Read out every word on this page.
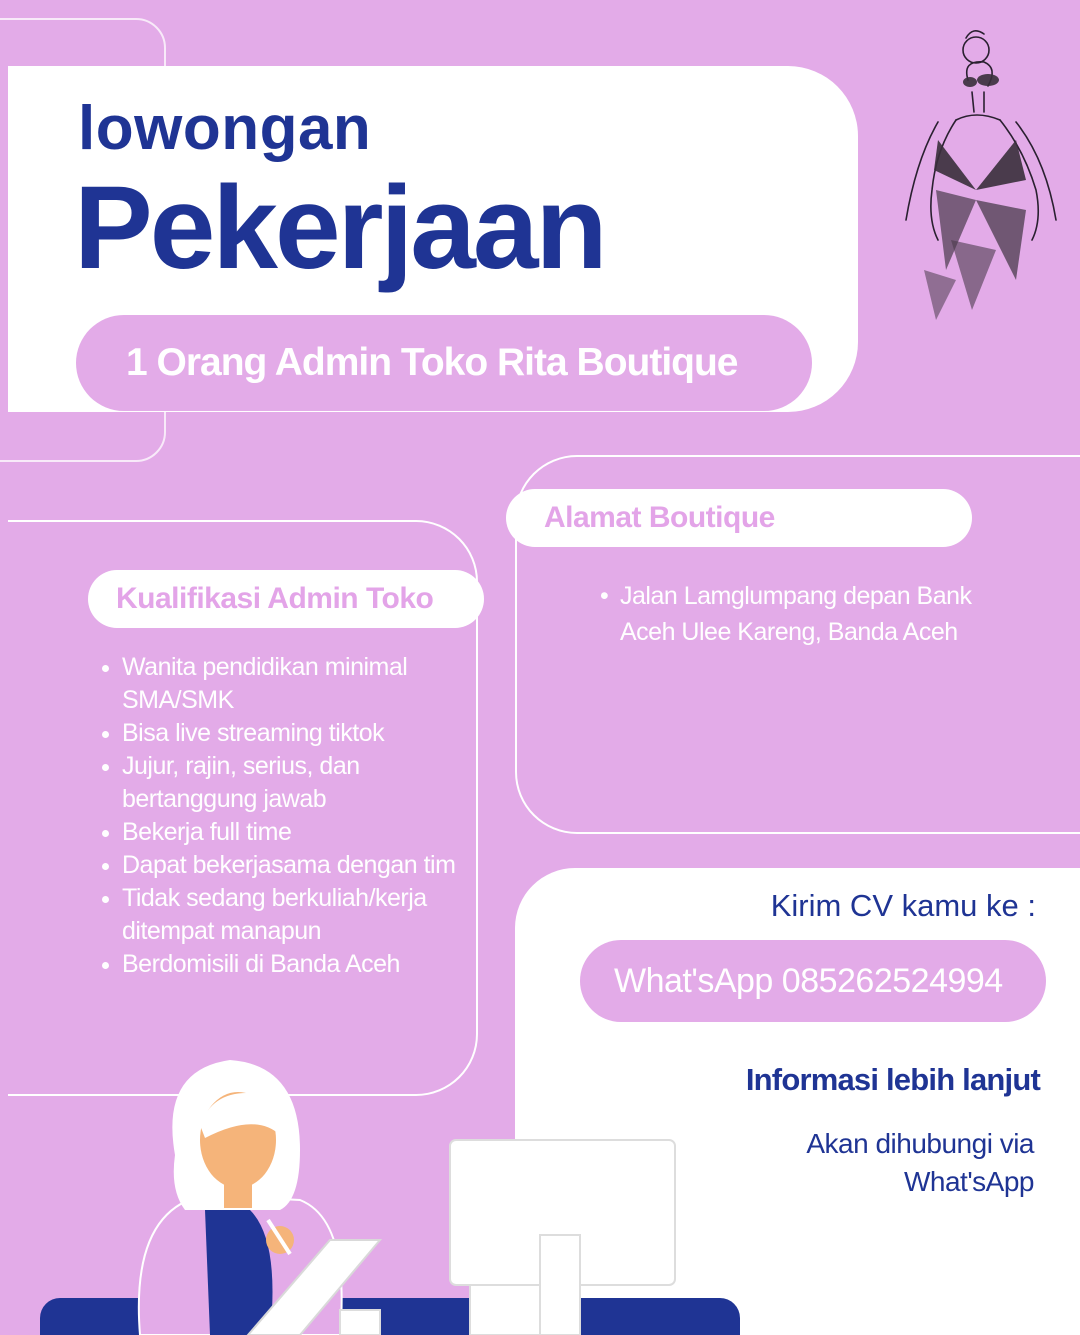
lowongan
Pekerjaan
1 Orang Admin Toko Rita Boutique
Kualifikasi Admin Toko
• Wanita pendidikan minimal SMA/SMK
• Bisa live streaming tiktok
• Jujur, rajin, serius, dan bertanggung jawab
• Bekerja full time
• Dapat bekerjasama dengan tim
• Tidak sedang berkuliah/kerja ditempat manapun
• Berdomisili di Banda Aceh
Alamat Boutique
• Jalan Lamglumpang depan Bank Aceh Ulee Kareng, Banda Aceh
Kirim CV kamu ke :
What'sApp 085262524994
Informasi lebih lanjut
Akan dihubungi via What'sApp
